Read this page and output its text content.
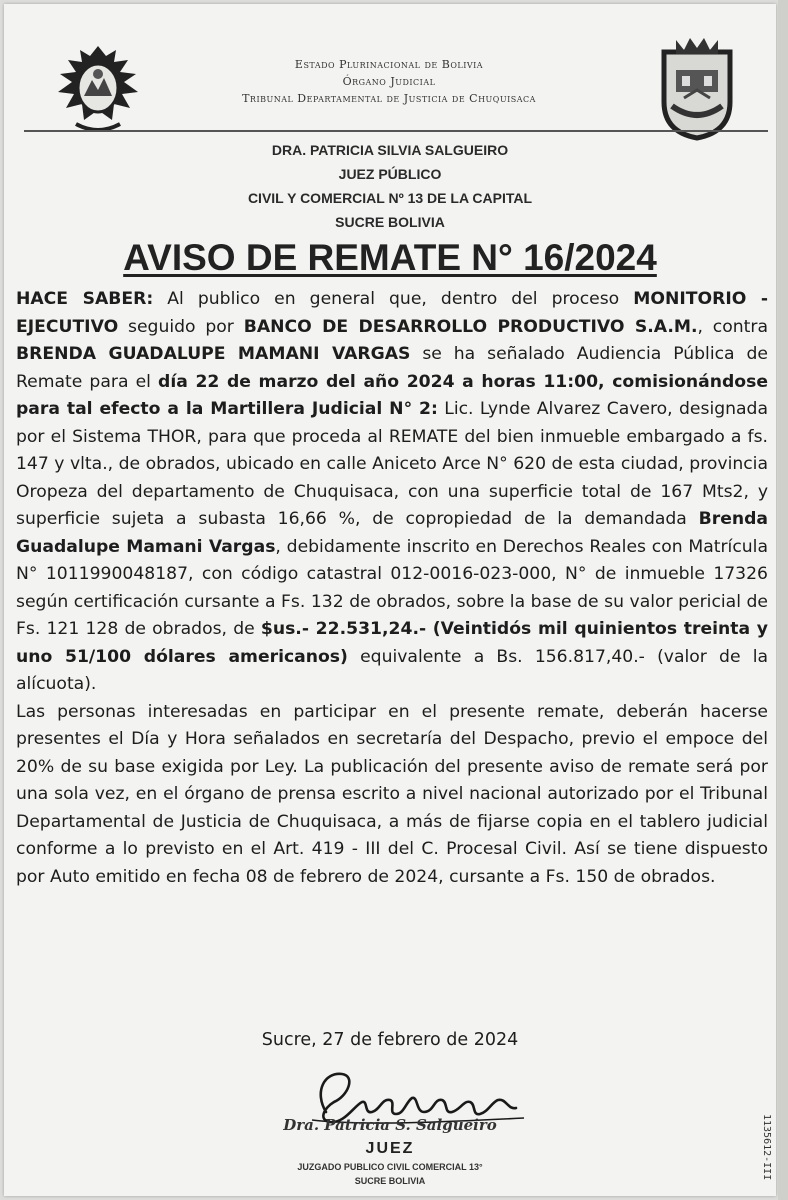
Estado Plurinacional de Bolivia
Órgano Judicial
Tribunal Departamental de Justicia de Chuquisaca
DRA. PATRICIA SILVIA SALGUEIRO
JUEZ PÚBLICO
CIVIL Y COMERCIAL Nº 13 DE LA CAPITAL
SUCRE BOLIVIA
AVISO DE REMATE N° 16/2024

HACE SABER: Al publico en general que, dentro del proceso MONITORIO - EJECUTIVO seguido por BANCO DE DESARROLLO PRODUCTIVO S.A.M., contra BRENDA GUADALUPE MAMANI VARGAS se ha señalado Audiencia Pública de Remate para el día 22 de marzo del año 2024 a horas 11:00, comisionándose para tal efecto a la Martillera Judicial N° 2: Lic. Lynde Alvarez Cavero, designada por el Sistema THOR, para que proceda al REMATE del bien inmueble embargado a fs. 147 y vlta., de obrados, ubicado en calle Aniceto Arce N° 620 de esta ciudad, provincia Oropeza del departamento de Chuquisaca, con una superficie total de 167 Mts2, y superficie sujeta a subasta 16,66 %, de copropiedad de la demandada Brenda Guadalupe Mamani Vargas, debidamente inscrito en Derechos Reales con Matrícula N° 1011990048187, con código catastral 012-0016-023-000, N° de inmueble 17326 según certificación cursante a Fs. 132 de obrados, sobre la base de su valor pericial de Fs. 121 128 de obrados, de $us.- 22.531,24.- (Veintidós mil quinientos treinta y uno 51/100 dólares americanos) equivalente a Bs. 156.817,40.- (valor de la alícuota).

Las personas interesadas en participar en el presente remate, deberán hacerse presentes el Día y Hora señalados en secretaría del Despacho, previo el empoce del 20% de su base exigida por Ley. La publicación del presente aviso de remate será por una sola vez, en el órgano de prensa escrito a nivel nacional autorizado por el Tribunal Departamental de Justicia de Chuquisaca, a más de fijarse copia en el tablero judicial conforme a lo previsto en el Art. 419 - III del C. Procesal Civil. Así se tiene dispuesto por Auto emitido en fecha 08 de febrero de 2024, cursante a Fs. 150 de obrados.

Sucre, 27 de febrero de 2024
Dra. Patricia S. Salgueiro
JUEZ
JUZGADO PUBLICO CIVIL COMERCIAL 13°
SUCRE BOLIVIA
1135612-III
